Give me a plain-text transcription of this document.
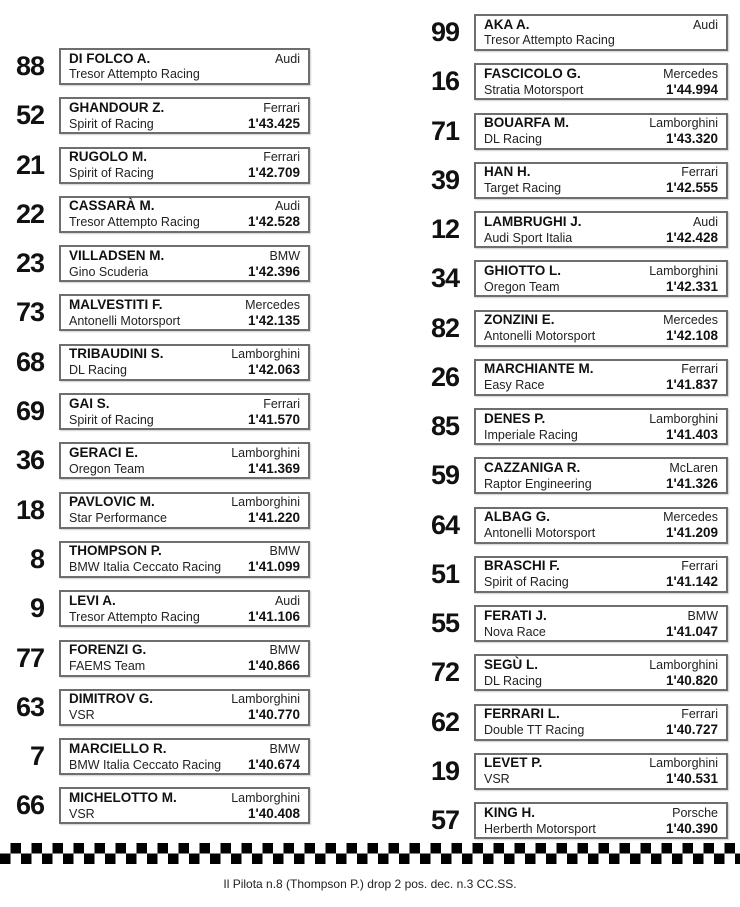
88 DI FOLCO A.	Audi
Tresor Attempto Racing
52 GHANDOUR Z.	Ferrari
Spirit of Racing	1'43.425
21 RUGOLO M.	Ferrari
Spirit of Racing	1'42.709
22 CASSARÀ M.	Audi
Tresor Attempto Racing	1'42.528
23 VILLADSEN M.	BMW
Gino Scuderia	1'42.396
73 MALVESTITI F.	Mercedes
Antonelli Motorsport	1'42.135
68 TRIBAUDINI S.	Lamborghini
DL Racing	1'42.063
69 GAI S.	Ferrari
Spirit of Racing	1'41.570
36 GERACI E.	Lamborghini
Oregon Team	1'41.369
18 PAVLOVIC M.	Lamborghini
Star Performance	1'41.220
8 THOMPSON P.	BMW
BMW Italia Ceccato Racing 1'41.099
9 LEVI A.	Audi
Tresor Attempto Racing	1'41.106
77 FORENZI G.	BMW
FAEMS Team	1'40.866
63 DIMITROV G.	Lamborghini
VSR	1'40.770
7 MARCIELLO R.	BMW
BMW Italia Ceccato Racing 1'40.674
66 MICHELOTTO M.	Lamborghini
VSR	1'40.408
99 AKA A.	Audi
Tresor Attempto Racing
16 FASCICOLO G.	Mercedes
Stratia Motorsport	1'44.994
71 BOUARFA M.	Lamborghini
DL Racing	1'43.320
39 HAN H.	Ferrari
Target Racing	1'42.555
12 LAMBRUGHI J.	Audi
Audi Sport Italia	1'42.428
34 GHIOTTO L.	Lamborghini
Oregon Team	1'42.331
82 ZONZINI E.	Mercedes
Antonelli Motorsport	1'42.108
26 MARCHIANTE M.	Ferrari
Easy Race	1'41.837
85 DENES P.	Lamborghini
Imperiale Racing	1'41.403
59 CAZZANIGA R.	McLaren
Raptor Engineering	1'41.326
64 ALBAG G.	Mercedes
Antonelli Motorsport	1'41.209
51 BRASCHI F.	Ferrari
Spirit of Racing	1'41.142
55 FERATI J.	BMW
Nova Race	1'41.047
72 SEGÙ L.	Lamborghini
DL Racing	1'40.820
62 FERRARI L.	Ferrari
Double TT Racing	1'40.727
19 LEVET P.	Lamborghini
VSR	1'40.531
57 KING H.	Porsche
Herberth Motorsport	1'40.390
Il Pilota n.8 (Thompson P.) drop 2 pos. dec. n.3 CC.SS.
